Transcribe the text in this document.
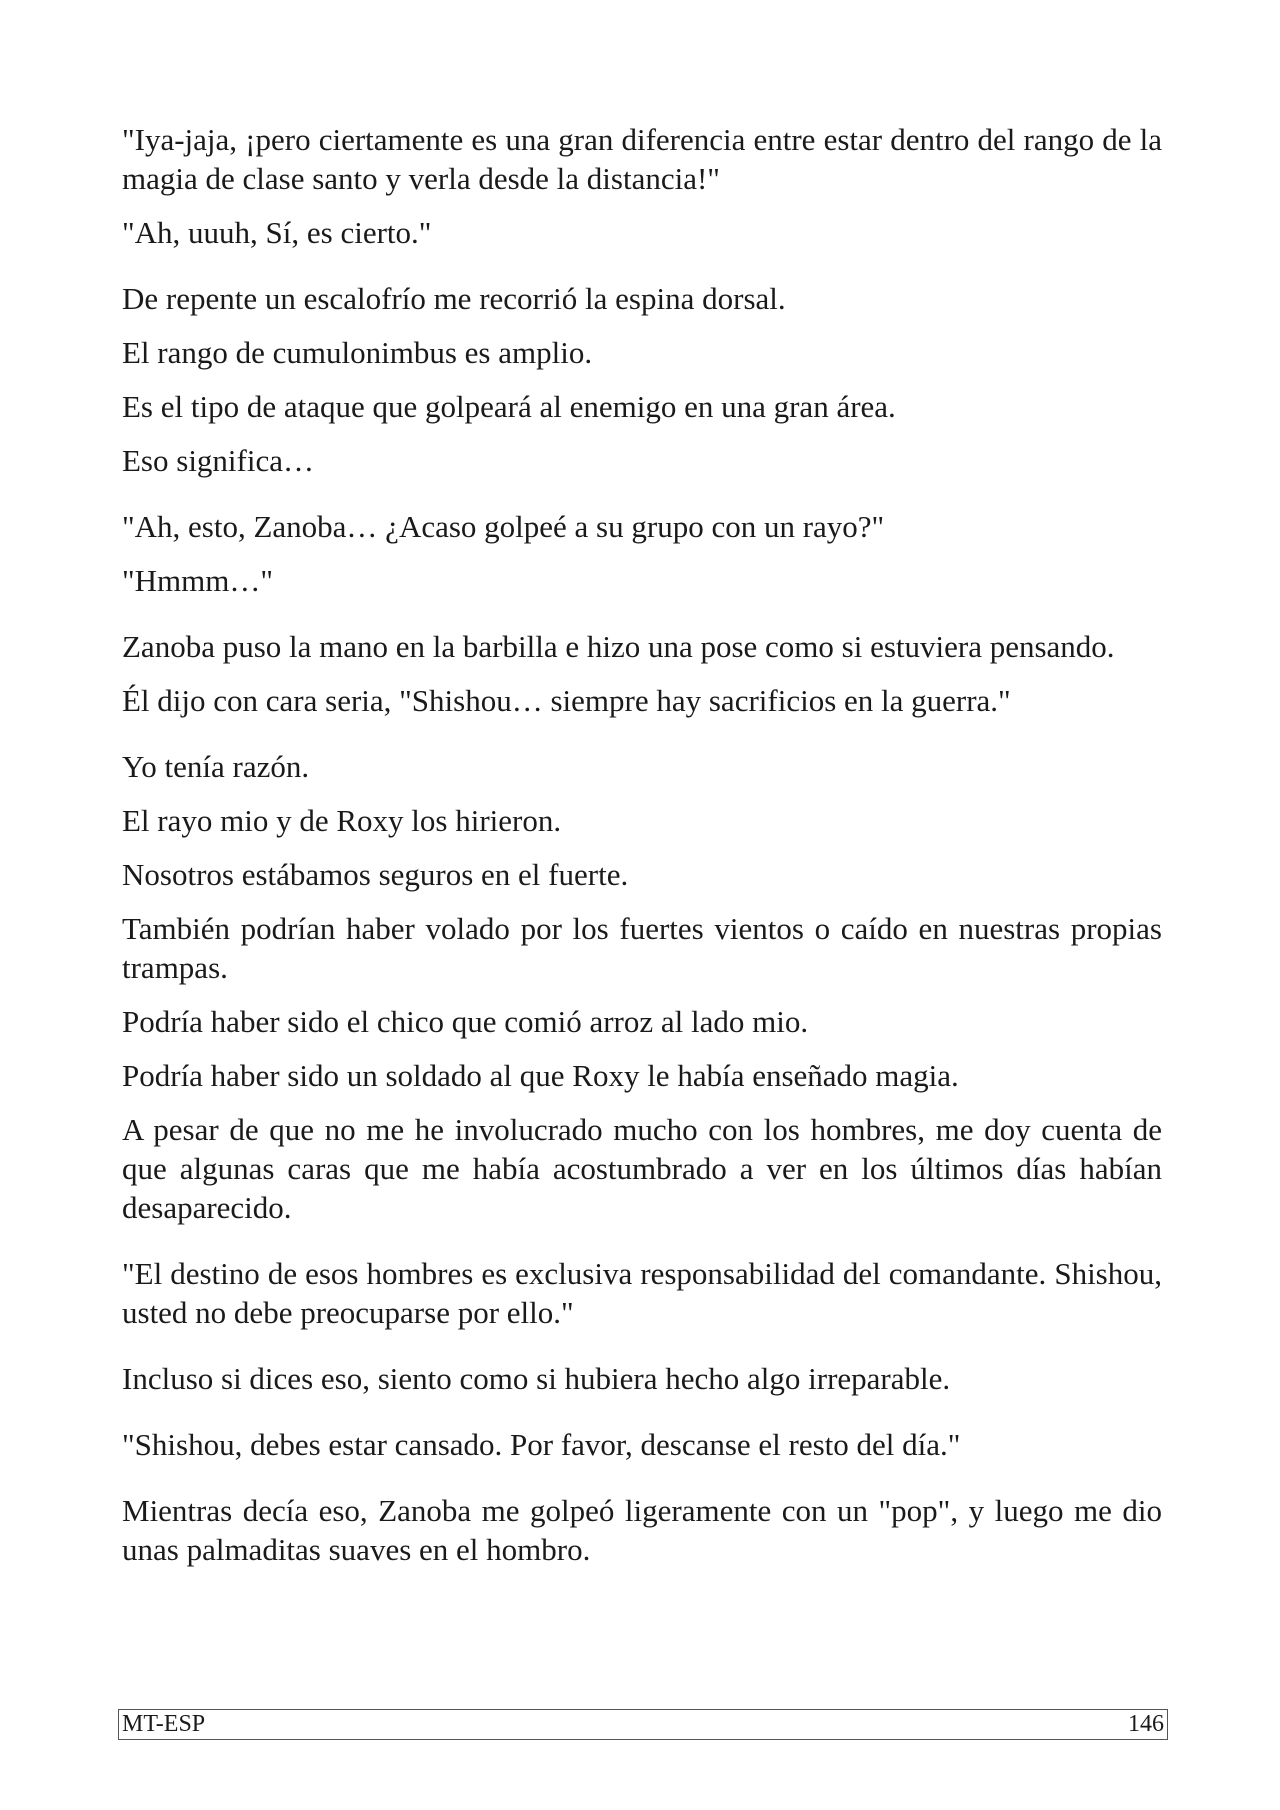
"Iya-jaja, ¡pero ciertamente es una gran diferencia entre estar dentro del rango de la magia de clase santo y verla desde la distancia!"

"Ah, uuuh, Sí, es cierto."

De repente un escalofrío me recorrió la espina dorsal.

El rango de cumulonimbus es amplio.

Es el tipo de ataque que golpeará al enemigo en una gran área.

Eso significa…

"Ah, esto, Zanoba… ¿Acaso golpeé a su grupo con un rayo?"

"Hmmm…"

Zanoba puso la mano en la barbilla e hizo una pose como si estuviera pensando.

Él dijo con cara seria, "Shishou… siempre hay sacrificios en la guerra."

Yo tenía razón.

El rayo mio y de Roxy los hirieron.

Nosotros estábamos seguros en el fuerte.

También podrían haber volado por los fuertes vientos o caído en nuestras propias trampas.

Podría haber sido el chico que comió arroz al lado mio.

Podría haber sido un soldado al que Roxy le había enseñado magia.

A pesar de que no me he involucrado mucho con los hombres, me doy cuenta de que algunas caras que me había acostumbrado a ver en los últimos días habían desaparecido.

"El destino de esos hombres es exclusiva responsabilidad del comandante. Shishou, usted no debe preocuparse por ello."

Incluso si dices eso, siento como si hubiera hecho algo irreparable.

"Shishou, debes estar cansado. Por favor, descanse el resto del día."

Mientras decía eso, Zanoba me golpeó ligeramente con un "pop", y luego me dio unas palmaditas suaves en el hombro.

MT-ESP	146
